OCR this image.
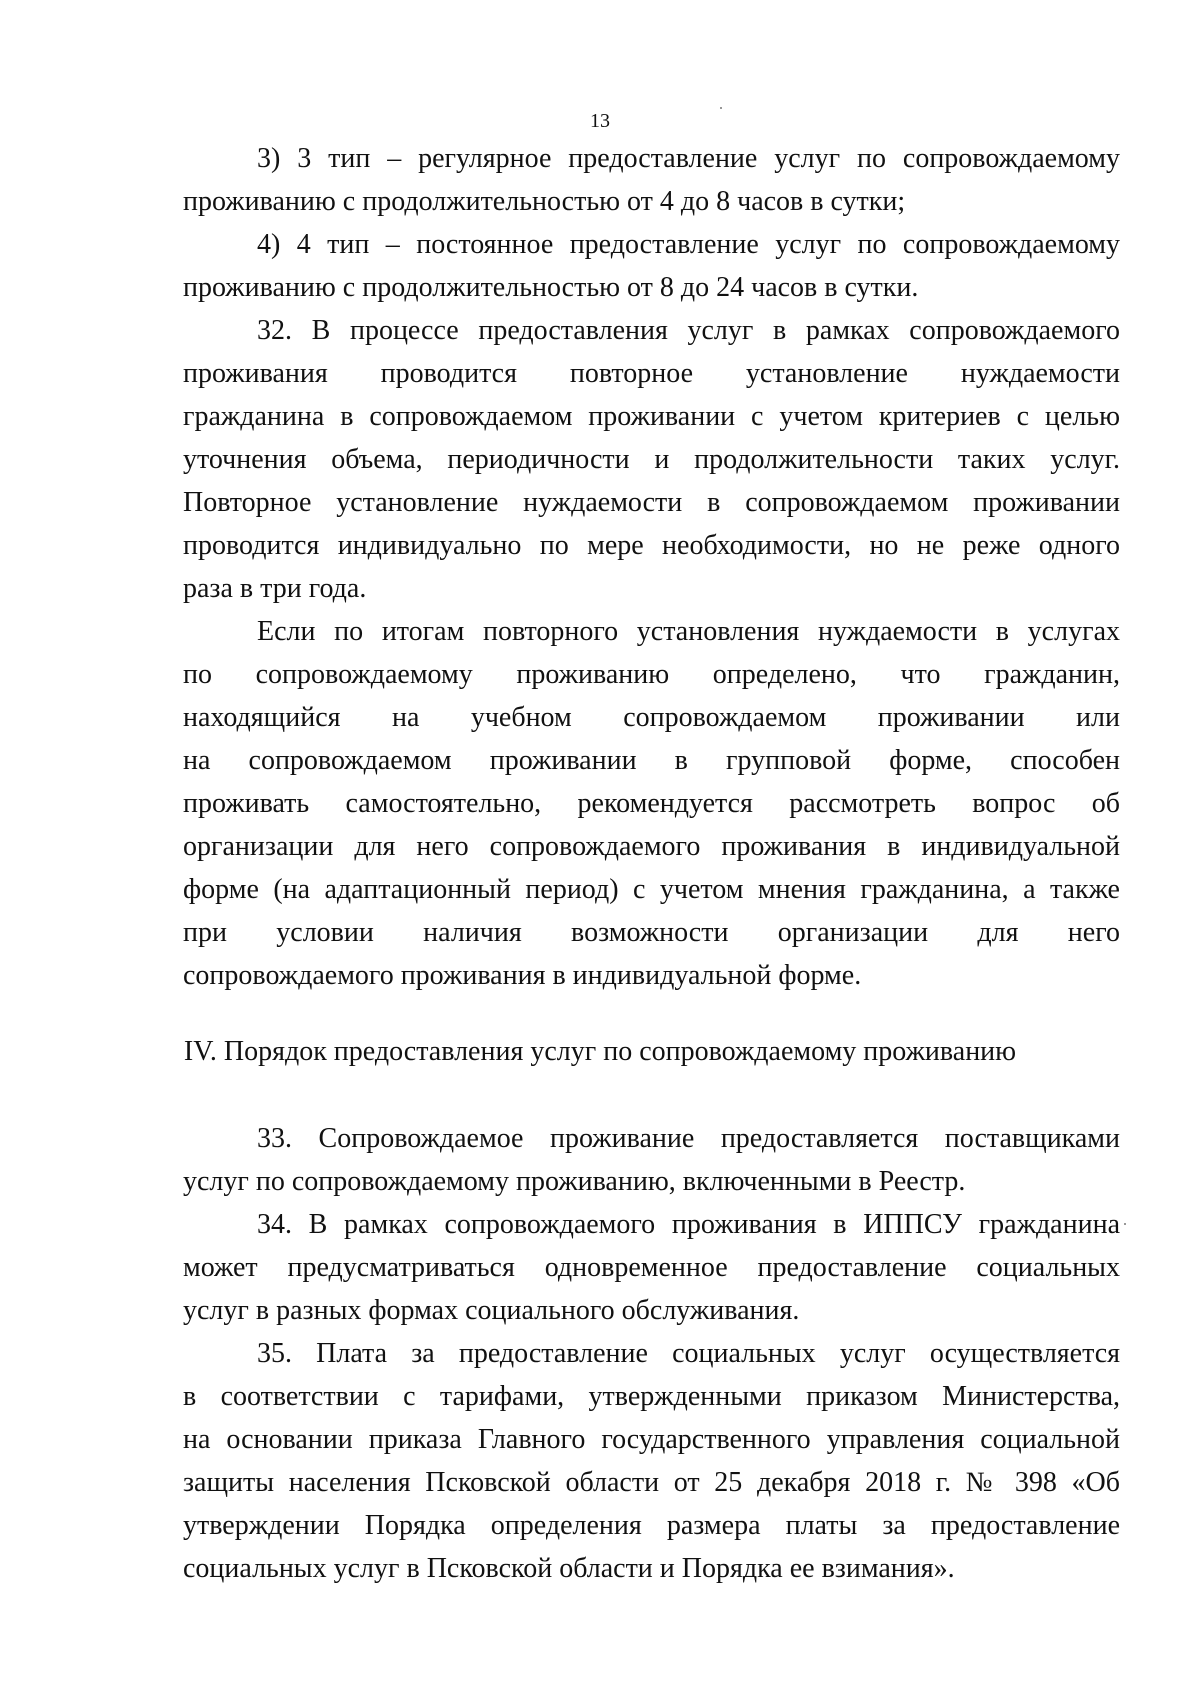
13
3) 3 тип – регулярное предоставление услуг по сопровождаемому
проживанию с продолжительностью от 4 до 8 часов в сутки;
4) 4 тип – постоянное предоставление услуг по сопровождаемому
проживанию с продолжительностью от 8 до 24 часов в сутки.
32. В процессе предоставления услуг в рамках сопровождаемого
проживания проводится повторное установление нуждаемости
гражданина в сопровождаемом проживании с учетом критериев с целью
уточнения объема, периодичности и продолжительности таких услуг.
Повторное установление нуждаемости в сопровождаемом проживании
проводится индивидуально по мере необходимости, но не реже одного
раза в три года.
Если по итогам повторного установления нуждаемости в услугах
по сопровождаемому проживанию определено, что гражданин,
находящийся на учебном сопровождаемом проживании или
на сопровождаемом проживании в групповой форме, способен
проживать самостоятельно, рекомендуется рассмотреть вопрос об
организации для него сопровождаемого проживания в индивидуальной
форме (на адаптационный период) с учетом мнения гражданина, а также
при условии наличия возможности организации для него
сопровождаемого проживания в индивидуальной форме.
IV. Порядок предоставления услуг по сопровождаемому проживанию
33. Сопровождаемое проживание предоставляется поставщиками
услуг по сопровождаемому проживанию, включенными в Реестр.
34. В рамках сопровождаемого проживания в ИППСУ гражданина
может предусматриваться одновременное предоставление социальных
услуг в разных формах социального обслуживания.
35. Плата за предоставление социальных услуг осуществляется
в соответствии с тарифами, утвержденными приказом Министерства,
на основании приказа Главного государственного управления социальной
защиты населения Псковской области от 25 декабря 2018 г. № 398 «Об
утверждении Порядка определения размера платы за предоставление
социальных услуг в Псковской области и Порядка ее взимания».
